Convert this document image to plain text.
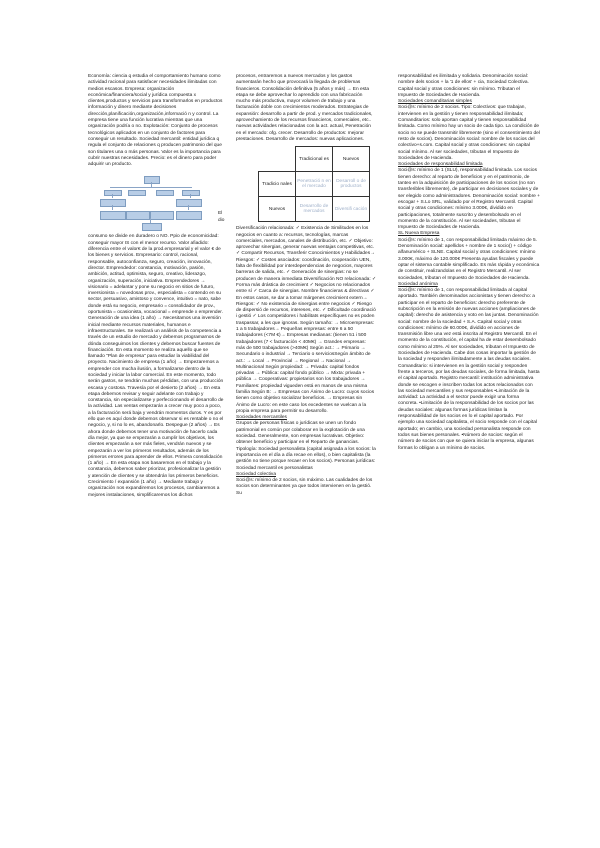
Economía: ciencia q estudia el comportamiento humano como actividad racional para satisfacer necesidades ilimitadas con medios escasos. Empresa: organización económica/financiera/social y jurídica compuesta x clientes,productos y servicios para transformarlos en productos información y dinero mediante decisiones dirección,planificación,organización,informació n y control. La empresa tiene una función lucrativa mientras que una organización podría o no. Explotación: Conjunto de procesos tecnológicos aplicados en un conjunto de factores para conseguir un resultado. Sociedad mercantil: entidad jurídica q regula el conjunto de relaciones q producen patrimonio del que son titulares una o más personas. Valor es la importancia para cubrir nuestras necesidades. Precio: es el dinero para poder adquirir un producto.

El dio

consumo se divide en duradero o NO. Ppio de economicidad: conseguir mayor IS con el menor recurso. Valor afiadido: diferencia entre el valor€ de la prod.empresarial y el valor € de los bienes y servicios. Empresario: control, racional, responsable, autoconfianza, seguro, creación, innovación, director. Emprendedor: constancia, motivación, pasión, ambición, actitud, optimista, seguro, creativo, liderazgo, organización, superación, iniciativa. Emprendedores → visionario = adelantar y pone su negocio en sitios de futuro, inversionista = novedosas prov., especialista = contendo en su sector, persuasivo, amistoso y convence, intuitivo = nato, sabe donde está su negocio, empresario = consolidador de prov., oportunista = ocasionista, vocacional = emprende x emprender. Generación de una idea (1 año) → Necesitamos una inversión inicial mediante recursos materiales, humanos e infraestructurales. Se realizará un análisis de la competencia a través de un estudio de mercado y debemos programarnos de dónda conseguimos los clientes y debemos buscar fuentes de financiación. En esta momento se realiza aquello que se llamado "Plan de empresa" para estudiar la viabilidad del proyecto. Nacimiento de empresa (1 año) → Empezaremos a emprender con mucha ilusión, a formalizarse dentro de la sociedad y iniciar la labor comercial. En este momento, todo serán gastos, se tendrán muchas pérdidas, con una producción escasa y costosa. Travesía por el desierto (2 años) → En esta etapa debemos revisar y seguir adelante con trabajo y constancia, sin especializarse y perfeccionando el desarrollo de la actividad. Las ventas empezarán a crecer muy poco a poco, a la facturación será baja y vendrán momentos duros. Y es por ello que es aquí donde debemos observar si es rentable o no el negocio, y, si no lo es, abandonarlo. Despegue (2 años) → Es ahora donde debemos tener una motivación de hacerlo cada día mejor, ya que se empezarán a cumplir los objetivos, los clientes empezarán a ser más fieles, vendrán nuevos y se empezarán a ver los primeros resultados, además de los primeros errores para aprender de ellos. Primera consolidación (1 año) → En esta etapa nos basaremos en el trabajo y la constancia, debemos saber priorizar, profesionalizar la gestión y atención de clientes y se obtendrán los primeros beneficios. Crecimiento / expansión (1 año) → Mediante trabajo y organización nos expandiremos los procesos, cambiaremos a mejores instalaciones, simplificaremos los dichos

procesos, entraremos a nuevos mercados y los gastos aumentarán hecho que provocará la llegada de problemas financieros. Consolidación definitiva (5 años y más) → En esta etapa se debe aprovechar lo aprendido con una fabricación mucho más productiva, mayor volumen de trabajo y una facturación doble con crecimientos moderados. Estrategias de expansión: desarrollo a partir de prod. y mercados tradicionales, aprovechamiento de los recursos financieros, comerciales, etc.. nuevas actividades relacionadas con la act. actual, Penetración en el mercado: ofg. crecer. Desarrollo de productos: mejorar prestaciones. Desarrollo de mercados: nuevas aplicaciones.

	Tradicional es	Nuevos
Tradicio nales	Penetració n en el mercado	Desarroll o de productos
Nuevos	Desarrollo de mercados	Diversifi cación

Diversificación relacionada: ✓ Existencia de Similitudes en los negocios en cuanto a: recursos, tecnologías, marcas comerciales, mercados, canales de distribución, etc. ✓ Objetivo: aprovechar sinergias, generar nuevas ventajas competitivas, etc. ✓ Compartir Recursos, Transferir Conocimientos y Habilidades→ Riesgos: ✓ Costes asociados: coordinación, cooperación UEN, falta de flexibilidad por interdependencias de negocios, mayores barreras de salida, etc. ✓ Generación de sinergias: no se producen de manera inmediata Diversificación NO relacionada: ✓ Forma más drástica de crecimient ✓ Negocios no relacionados entre sí ✓ Carca de sinergias. Nombre financieras & directivas ✓ En estos casos, se dar a tomar márgenes crecimient extern→ Riesgos: ✓ No existencia de sinergias entre negocios ✓ Riesgo de dispersió de recursos, intereses, etc. ✓ Dificultade coordinació i gestió ✓ Los competidores i habilitats específiques no es poden traspassar, a les que ignoras. Según tamaño: → Microempresas: 1 a 5 trabajadores→ Pequeñas empresas: entre 6 a 50 trabajadores (<7M €)→ Empresas medianas: (tienen 51 i 500 trabajadores (7 < facturación < 40M€) → Grandes empresas: más de 500 trabajadores (>40M€) Según act.: → Primario → Secundario o industrial → Terciario o serviciosSegún ámbito de act.: → Local → Provincial → Regional → Nacional → Multinacional Según propiedad: → Privada: capital fondos privadas → Pública: capital fondo público → Mixta: privada + pública → Cooperativas: propietarios son los trabajadores → Familiares: propiedad vigueden está en manos de una misma familia Según B: → Empresas con Ánimo de Lucro: cuyos socios tienen como objetivo socializar beneficios. → Empresas sin Ánimo de Lucro: en este caso los excedentes se vuelcan a la propia empresa para permitir su desarrollo.

Sociedades mercantiles

Grupos de personas físicas o jurídicas se unen un fondo patrimonial en común por colaborar en la explotación de una sociedad. Generalmente, son empresas lucrativas. Objetivo: obtener beneficio y participar en el Reparto de ganancias. Tipología: Sociedad personalista (capital asignada a los socios: la importancia en el día a día recae en ellos), o bien capitalista (la gestión no tiene porque recaer en los socios). Personas jurídicas: Sociedad mercantil es personalistas

Sociedad colectiva

Soci@s: mínimo de 2 socios, sin máximo. Las cualidades de los socios son determinantes ya que todos intervienen en la gestió. Su

responsabilidad es ilimitada y solidaria. Denominación social: nombre dels socios + la '1 de ellos' + cia, Sociedad Colectiva. Capital social y otras condiciones: sin mínimo. Tributan el Impuesto de Sociedades de Hacienda.

Sociedades comanditarias simples

Soci@s: mínimo de 2 socios. Tipo: Colectivos: que trabajan, intervienen en la gestión y tienen responsabilidad ilimitada; Comanditarios: solo aportan capital y tienen responsabilidad limitada. Como mínimo hay un socio de cada tipo. La condición de socio no se puede transmitir libremente (sino el consentimiento del resto de socios). Denominación social: nombre de los socios del colectivo+s.com. Capital social y otras condiciones: sin capital social mínimo. Al ser sociedades, tributan el Impuesto de Sociedades de Hacienda.

Sociedades de responsabilidad limitada

Soci@s: mínimo de 1 (SLU), responsabilidad limitada. Los socios tienen derecho: al reparto de beneficios y en el patrimonio, de tanteo en la adquisición de participaciones de los socios (no son transferibles libremente), de participar en decisiones sociales y de ser elegido como administradores. Denominación social: nombre + escogar + S.Lo SRL, validado por el Registro Mercantil. Capital social y otras condiciones: mínimo 3.000€, dividido en participaciones, totalmente suscrito y desembolsado en el momento de la constitución. Al ser sociedades, tributan el Impuesto de Sociedades de Hacienda.

SL Nueva Empresa

Soci@s: mínimo de 1, con responsabilidad limitada máximo de 5. Denominación social: apellidos + nombre de 1 socio() + código alfanumérico + SLNE. Capital social y otras condiciones: mínimo 3.000€, máximo de 120.000€ Presenta ayudas fiscales y puede optar el sistema contable simplificado. Es más rápida y económica de constituir, realizandolas en el Registro Mercantil. Al ser sociedades, tributan el Impuesto de Sociedades de Hacienda.

Sociedad anónima

Soci@s: mínimo de 1, con responsabilidad limitada al capital aportado. También denominados accionistas y tienen derecho: a participar en el reparto de beneficios: derecho preferente de subscripción en la emisión de nuevas acciones (ampliaciones de capital): derecho de asistencia y voto en las juntas. Denominación social: nombre de la sociedad + S.A. Capital social y otras condiciones: mínimo de 60.000€, dividido en acciones de transmisión libre una vez está inscrita al Registro Mercantil. En el momento de la constitución, el capital ha de estar desembolsado como mínimo al 25%. Al ser sociedades, tributan el Impuesto de Sociedades de Hacienda. Cabe dos cosas importar la gestión de la sociedad y responden ilimitadamente a las deudas sociales. Comanditario: si intervienen en la gestión social y responden frente a terceros, por las deudas sociales, de forma limitada, hasta el capital aportado. Registro mercantil: institución administrativa donde se escogen e inscriben todas los actos relacionados con las sociedad mercantiles y sus responsables •Limitación de la actividad: La actividad a el sector puede exigir una forma concreta. •Limitación de la responsabilidad de los socios por las deudas sociales: algunas formas jurídicas limitan la responsabilidad de los socios en lo el capital aportado. Por ejemplo una sociedad capitalista, el socio responde con el capital aportado; en cambio, una sociedad personalista responde con todos sus bienes personales. •Número de socios: según el número de socios con que se quiera iniciar la empresa, algunas formas lo obligan a un mínimo de socios.
